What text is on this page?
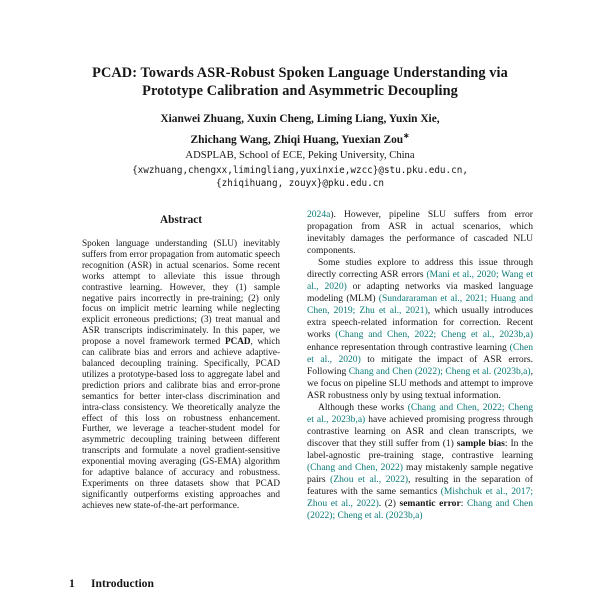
PCAD: Towards ASR-Robust Spoken Language Understanding via
Prototype Calibration and Asymmetric Decoupling
Xianwei Zhuang, Xuxin Cheng, Liming Liang, Yuxin Xie,
Zhichang Wang, Zhiqi Huang, Yuexian Zou∗
ADSPLAB, School of ECE, Peking University, China
{xwzhuang,chengxx,limingliang,yuxinxie,wzcc}@stu.pku.edu.cn,
{zhiqihuang, zouyx}@pku.edu.cn
Abstract

Spoken language understanding (SLU) inevitably suffers from error propagation from automatic speech recognition (ASR) in actual scenarios. Some recent works attempt to alleviate this issue through contrastive learning. However, they (1) sample negative pairs incorrectly in pre-training; (2) only focus on implicit metric learning while neglecting explicit erroneous predictions; (3) treat manual and ASR transcripts indiscriminately. In this paper, we propose a novel framework termed PCAD, which can calibrate bias and errors and achieve adaptive-balanced decoupling training. Specifically, PCAD utilizes a prototype-based loss to aggregate label and prediction priors and calibrate bias and error-prone semantics for better inter-class discrimination and intra-class consistency. We theoretically analyze the effect of this loss on robustness enhancement. Further, we leverage a teacher-student model for asymmetric decoupling training between different transcripts and formulate a novel gradient-sensitive exponential moving averaging (GS-EMA) algorithm for adaptive balance of accuracy and robustness. Experiments on three datasets show that PCAD significantly outperforms existing approaches and achieves new state-of-the-art performance.

1 Introduction

2024a). However, pipeline SLU suffers from error propagation from ASR in actual scenarios, which inevitably damages the performance of cascaded NLU components.

Some studies explore to address this issue through directly correcting ASR errors (Mani et al., 2020; Wang et al., 2020) or adapting networks via masked language modeling (MLM) (Sundararaman et al., 2021; Huang and Chen, 2019; Zhu et al., 2021), which usually introduces extra speech-related information for correction. Recent works (Chang and Chen, 2022; Cheng et al., 2023b,a) enhance representation through contrastive learning (Chen et al., 2020) to mitigate the impact of ASR errors. Following Chang and Chen (2022); Cheng et al. (2023b,a), we focus on pipeline SLU methods and attempt to improve ASR robustness only by using textual information.

Although these works (Chang and Chen, 2022; Cheng et al., 2023b,a) have achieved promising progress through contrastive learning on ASR and clean transcripts, we discover that they still suffer from (1) sample bias: In the label-agnostic pre-training stage, contrastive learning (Chang and Chen, 2022) may mistakenly sample negative pairs (Zhou et al., 2022), resulting in the separation of features with the same semantics (Mishchuk et al., 2017; Zhou et al., 2022). (2) semantic error: Chang and Chen (2022); Cheng et al. (2023b,a)
